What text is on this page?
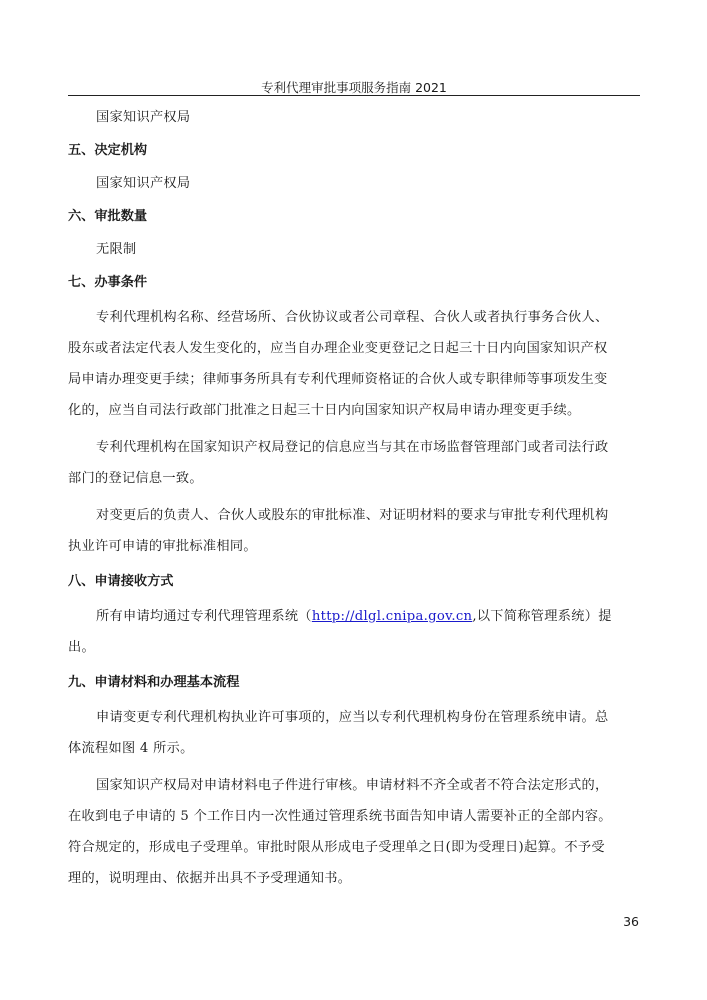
专利代理审批事项服务指南 2021
国家知识产权局
五、决定机构
国家知识产权局
六、审批数量
无限制
七、办事条件
专利代理机构名称、经营场所、合伙协议或者公司章程、合伙人或者执行事务合伙人、
股东或者法定代表人发生变化的，应当自办理企业变更登记之日起三十日内向国家知识产权
局申请办理变更手续；律师事务所具有专利代理师资格证的合伙人或专职律师等事项发生变
化的，应当自司法行政部门批准之日起三十日内向国家知识产权局申请办理变更手续。
专利代理机构在国家知识产权局登记的信息应当与其在市场监督管理部门或者司法行政
部门的登记信息一致。
对变更后的负责人、合伙人或股东的审批标准、对证明材料的要求与审批专利代理机构
执业许可申请的审批标准相同。
八、申请接收方式
所有申请均通过专利代理管理系统（http://dlgl.cnipa.gov.cn,以下简称管理系统）提
出。
九、申请材料和办理基本流程
申请变更专利代理机构执业许可事项的，应当以专利代理机构身份在管理系统申请。总
体流程如图 4 所示。
国家知识产权局对申请材料电子件进行审核。申请材料不齐全或者不符合法定形式的，
在收到电子申请的 5 个工作日内一次性通过管理系统书面告知申请人需要补正的全部内容。
符合规定的，形成电子受理单。审批时限从形成电子受理单之日(即为受理日)起算。不予受
理的，说明理由、依据并出具不予受理通知书。
36
